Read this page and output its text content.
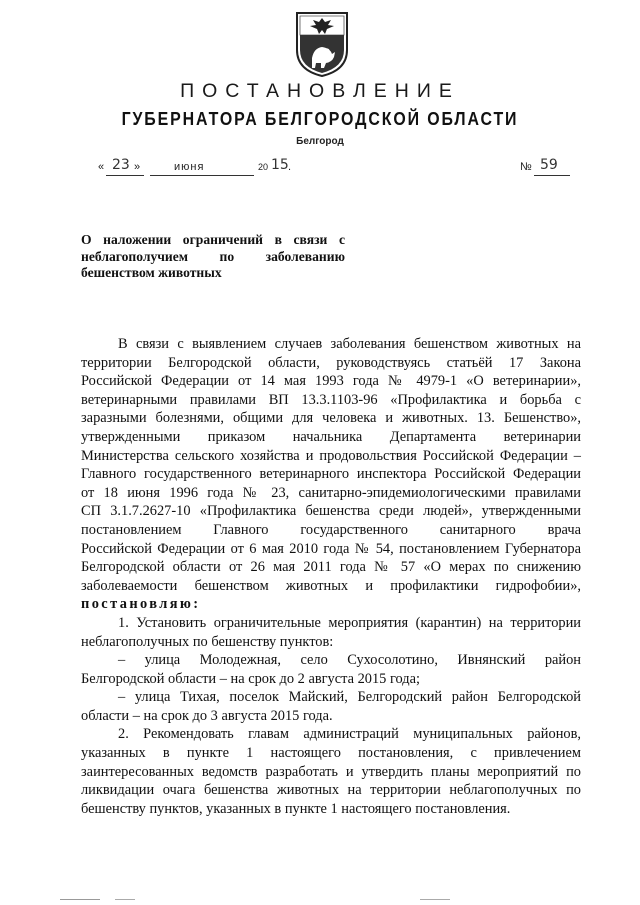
ПОСТАНОВЛЕНИЕ
ГУБЕРНАТОРА БЕЛГОРОДСКОЙ ОБЛАСТИ
Белгород
« 23 »	июня	20 15 .	№ 59
О наложении ограничений в связи с
неблагополучием по заболеванию
бешенством животных

В связи с выявлением случаев заболевания бешенством животных на

территории Белгородской области, руководствуясь статьёй 17 Закона

Российской Федерации от 14 мая 1993 года № 4979-1 «О ветеринарии»,

ветеринарными правилами ВП 13.3.1103-96 «Профилактика и борьба с

заразными болезнями, общими для человека и животных. 13. Бешенство»,

утвержденными приказом начальника Департамента ветеринарии

Министерства сельского хозяйства и продовольствия Российской Федерации –

Главного государственного ветеринарного инспектора Российской Федерации

от 18 июня 1996 года № 23, санитарно-эпидемиологическими правилами

СП 3.1.7.2627-10 «Профилактика бешенства среди людей», утвержденными

постановлением Главного государственного санитарного врача

Российской Федерации от 6 мая 2010 года № 54, постановлением Губернатора

Белгородской области от 26 мая 2011 года № 57 «О мерах по снижению

заболеваемости бешенством животных и профилактики гидрофобии»,

постановляю:

1. Установить ограничительные мероприятия (карантин) на территории

неблагополучных по бешенству пунктов:

– улица Молодежная, село Сухосолотино, Ивнянский район

Белгородской области – на срок до 2 августа 2015 года;

– улица Тихая, поселок Майский, Белгородский район Белгородской

области – на срок до 3 августа 2015 года.

2. Рекомендовать главам администраций муниципальных районов,

указанных в пункте 1 настоящего постановления, с привлечением

заинтересованных ведомств разработать и утвердить планы мероприятий по

ликвидации очага бешенства животных на территории неблагополучных по

бешенству пунктов, указанных в пункте 1 настоящего постановления.
